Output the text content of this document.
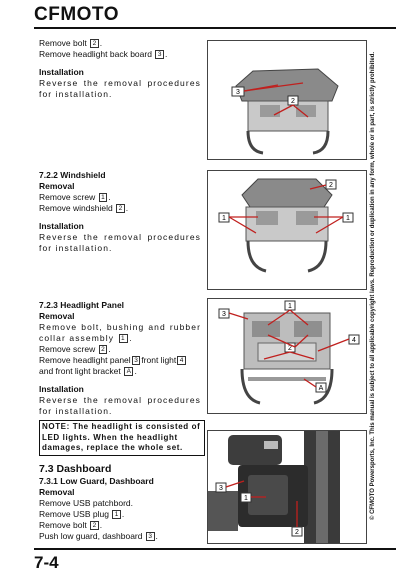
CFMOTO

Remove bolt 2 .

Remove headlight back board 3 .

Installation

Reverse the removal procedures for installation.

7.2.2 Windshield

Removal

Remove screw 1 .

Remove windshield 2 .

Installation

Reverse the removal procedures for installation.

7.2.3 Headlight Panel

Removal

Remove bolt, bushing and rubber collar assembly 1 .

Remove screw 2 .

Remove headlight panel 3 front light 4and front light bracket A .

Installation

Reverse the removal procedures for installation.

NOTE: The headlight is consisted of LED lights. When the headlight damages, replace the whole set.

7.3 Dashboard

7.3.1 Low Guard, Dashboard

Removal

Remove USB patchbord.

Remove USB plug 1 .

Remove bolt 2 .

Push low guard, dashboard 3 .

3
2
2
1	1
1
3
4
2
A
3
1
2
© CFMOTO Powersports, Inc. This manual is subject to all applicable copyright laws. Reproduction or duplication in any form, whole or in part, is strictly prohibited.
7-4
